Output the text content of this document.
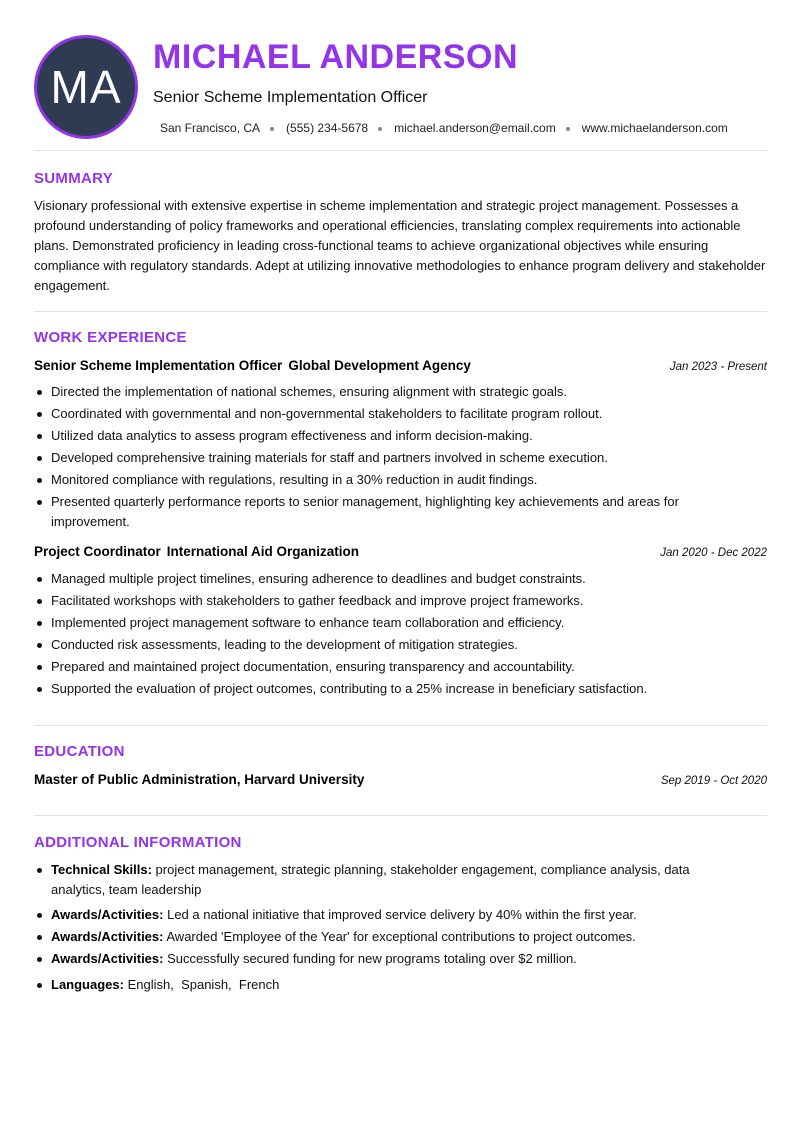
MA
MICHAEL ANDERSON
Senior Scheme Implementation Officer
San Francisco, CA (555) 234-5678 michael.anderson@email.com www.michaelanderson.com
SUMMARY
Visionary professional with extensive expertise in scheme implementation and strategic project management. Possesses a profound understanding of policy frameworks and operational efficiencies, translating complex requirements into actionable plans. Demonstrated proficiency in leading cross-functional teams to achieve organizational objectives while ensuring compliance with regulatory standards. Adept at utilizing innovative methodologies to enhance program delivery and stakeholder engagement.
WORK EXPERIENCE
Senior Scheme Implementation Officer Global Development Agency	Jan 2023 - Present
Directed the implementation of national schemes, ensuring alignment with strategic goals.
Coordinated with governmental and non-governmental stakeholders to facilitate program rollout.
Utilized data analytics to assess program effectiveness and inform decision-making.
Developed comprehensive training materials for staff and partners involved in scheme execution.
Monitored compliance with regulations, resulting in a 30% reduction in audit findings.
Presented quarterly performance reports to senior management, highlighting key achievements and areas for improvement.
Project Coordinator International Aid Organization	Jan 2020 - Dec 2022
Managed multiple project timelines, ensuring adherence to deadlines and budget constraints.
Facilitated workshops with stakeholders to gather feedback and improve project frameworks.
Implemented project management software to enhance team collaboration and efficiency.
Conducted risk assessments, leading to the development of mitigation strategies.
Prepared and maintained project documentation, ensuring transparency and accountability.
Supported the evaluation of project outcomes, contributing to a 25% increase in beneficiary satisfaction.
EDUCATION
Master of Public Administration, Harvard University	Sep 2019 - Oct 2020
ADDITIONAL INFORMATION
Technical Skills: project management, strategic planning, stakeholder engagement, compliance analysis, data analytics, team leadership
Awards/Activities: Led a national initiative that improved service delivery by 40% within the first year.
Awards/Activities: Awarded 'Employee of the Year' for exceptional contributions to project outcomes.
Awards/Activities: Successfully secured funding for new programs totaling over $2 million.
Languages: English,  Spanish,  French
